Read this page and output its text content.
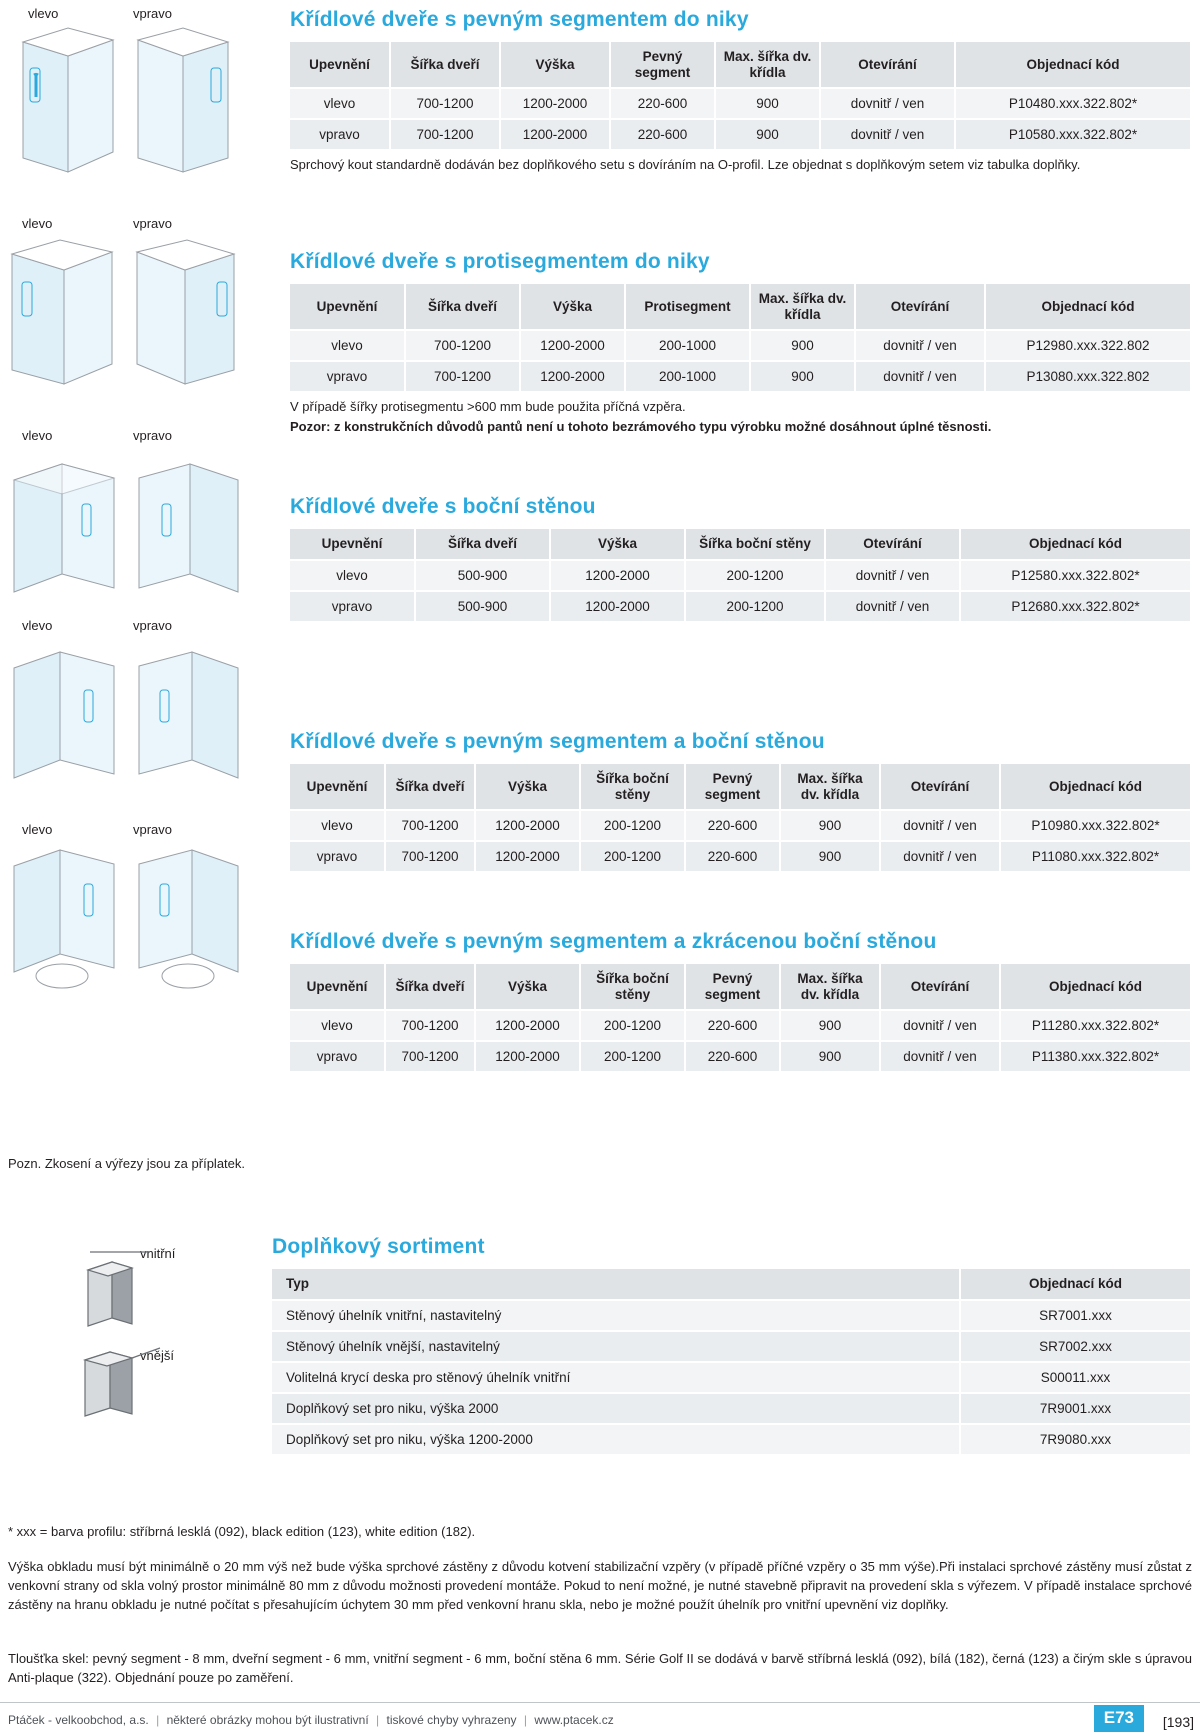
Křídlové dveře s pevným segmentem do niky
Upevnění	Šířka dveří	Výška	Pevný segment	Max. šířka dv. křídla	Otevírání	Objednací kód
vlevo	700-1200	1200-2000	220-600	900	dovnitř / ven	P10480.xxx.322.802*
vpravo	700-1200	1200-2000	220-600	900	dovnitř / ven	P10580.xxx.322.802*
Sprchový kout standardně dodáván bez doplňkového setu s dovíráním na O-profil. Lze objednat s doplňkovým setem viz tabulka doplňky.
Křídlové dveře s protisegmentem do niky
Upevnění	Šířka dveří	Výška	Protisegment	Max. šířka dv. křídla	Otevírání	Objednací kód
vlevo	700-1200	1200-2000	200-1000	900	dovnitř / ven	P12980.xxx.322.802
vpravo	700-1200	1200-2000	200-1000	900	dovnitř / ven	P13080.xxx.322.802
V případě šířky protisegmentu >600 mm bude použita příčná vzpěra.
Pozor: z konstrukčních důvodů pantů není u tohoto bezrámového typu výrobku možné dosáhnout úplné těsnosti.
Křídlové dveře s boční stěnou
Upevnění	Šířka dveří	Výška	Šířka boční stěny	Otevírání	Objednací kód
vlevo	500-900	1200-2000	200-1200	dovnitř / ven	P12580.xxx.322.802*
vpravo	500-900	1200-2000	200-1200	dovnitř / ven	P12680.xxx.322.802*
Křídlové dveře s pevným segmentem a boční stěnou
Upevnění	Šířka dveří	Výška	Šířka boční stěny	Pevný segment	Max. šířka dv. křídla	Otevírání	Objednací kód
vlevo	700-1200	1200-2000	200-1200	220-600	900	dovnitř / ven	P10980.xxx.322.802*
vpravo	700-1200	1200-2000	200-1200	220-600	900	dovnitř / ven	P11080.xxx.322.802*
Křídlové dveře s pevným segmentem a zkrácenou boční stěnou
Upevnění	Šířka dveří	Výška	Šířka boční stěny	Pevný segment	Max. šířka dv. křídla	Otevírání	Objednací kód
vlevo	700-1200	1200-2000	200-1200	220-600	900	dovnitř / ven	P11280.xxx.322.802*
vpravo	700-1200	1200-2000	200-1200	220-600	900	dovnitř / ven	P11380.xxx.322.802*
vlevo	vpravo
vlevo	vpravo
vlevo	vpravo
vlevo	vpravo
vlevo	vpravo
Pozn. Zkosení a výřezy jsou za příplatek.
Doplňkový sortiment
Typ	Objednací kód
Stěnový úhelník vnitřní, nastavitelný	SR7001.xxx
Stěnový úhelník vnější, nastavitelný	SR7002.xxx
Volitelná krycí deska pro stěnový úhelník vnitřní	S00011.xxx
Doplňkový set pro niku, výška 2000	7R9001.xxx
Doplňkový set pro niku, výška 1200-2000	7R9080.xxx
vnitřní
vnější
* xxx = barva profilu: stříbrná lesklá (092), black edition (123), white edition (182).
Výška obkladu musí být minimálně o 20 mm výš než bude výška sprchové zástěny z důvodu kotvení stabilizační vzpěry (v případě příčné vzpěry o 35 mm výše).Při instalaci sprchové zástěny musí zůstat z venkovní strany od skla volný prostor minimálně 80 mm z důvodu možnosti provedení montáže. Pokud to není možné, je nutné stavebně připravit na provedení skla s výřezem. V případě instalace sprchové zástěny na hranu obkladu je nutné počítat s přesahujícím úchytem 30 mm před venkovní hranu skla, nebo je možné použít úhelník pro vnitřní upevnění viz doplňky.
Tloušťka skel: pevný segment - 8 mm, dveřní segment - 6 mm, vnitřní segment - 6 mm, boční stěna 6 mm. Série Golf II se dodává v barvě stříbrná lesklá (092), bílá (182), černá (123) a čirým skle s úpravou Anti-plaque (322). Objednání pouze po zaměření.
Ptáček - velkoobchod, a.s. | některé obrázky mohou být ilustrativní | tiskové chyby vyhrazeny | www.ptacek.cz	E73	[193]
